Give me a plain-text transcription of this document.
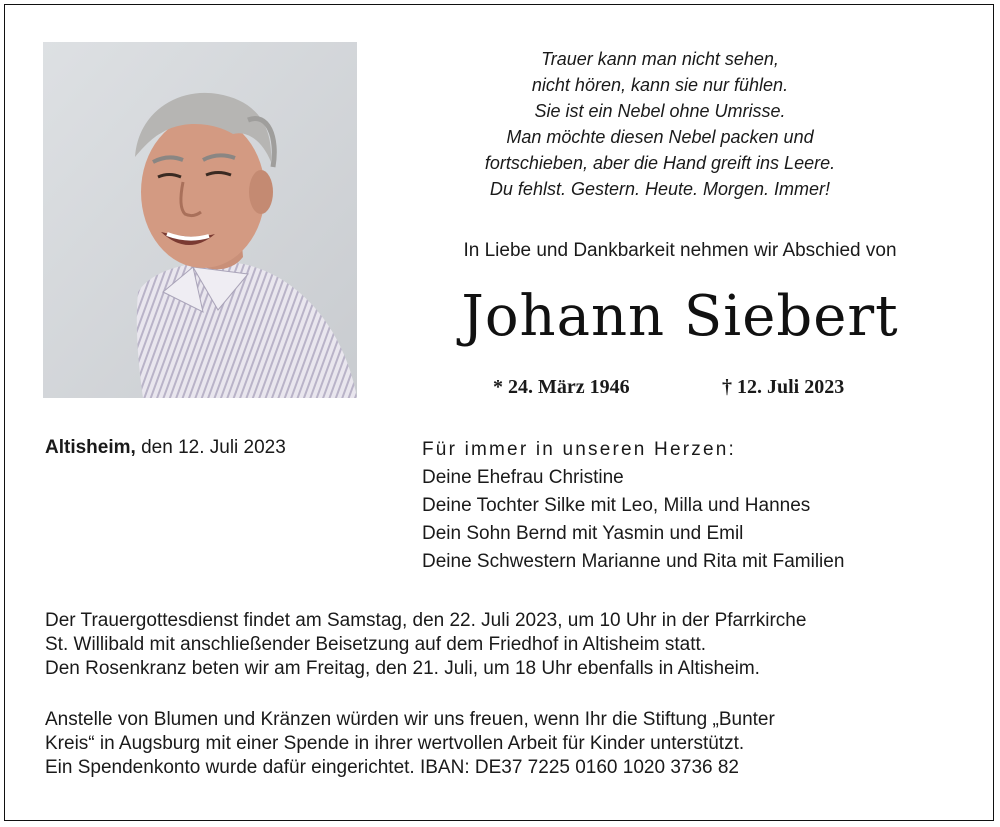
Trauer kann man nicht sehen,
nicht hören, kann sie nur fühlen.
Sie ist ein Nebel ohne Umrisse.
Man möchte diesen Nebel packen und
fortschieben, aber die Hand greift ins Leere.
Du fehlst. Gestern. Heute. Morgen. Immer!
In Liebe und Dankbarkeit nehmen wir Abschied von
Johann Siebert
* 24. März 1946	† 12. Juli 2023
Altisheim, den 12. Juli 2023	Für immer in unseren Herzen:
Deine Ehefrau Christine
Deine Tochter Silke mit Leo, Milla und Hannes
Dein Sohn Bernd mit Yasmin und Emil
Deine Schwestern Marianne und Rita mit Familien
Der Trauergottesdienst findet am Samstag, den 22. Juli 2023, um 10 Uhr in der Pfarrkirche
St. Willibald mit anschließender Beisetzung auf dem Friedhof in Altisheim statt.
Den Rosenkranz beten wir am Freitag, den 21. Juli, um 18 Uhr ebenfalls in Altisheim.
Anstelle von Blumen und Kränzen würden wir uns freuen, wenn Ihr die Stiftung „Bunter
Kreis“ in Augsburg mit einer Spende in ihrer wertvollen Arbeit für Kinder unterstützt.
Ein Spendenkonto wurde dafür eingerichtet. IBAN: DE37 7225 0160 1020 3736 82
